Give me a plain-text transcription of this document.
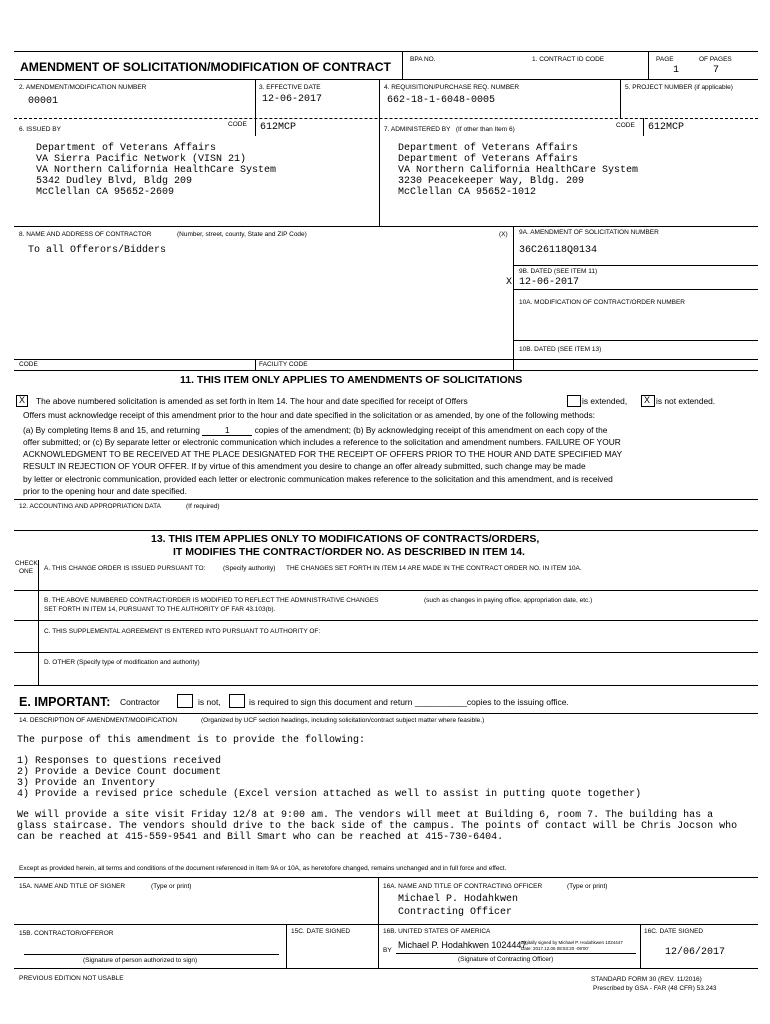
AMENDMENT OF SOLICITATION/MODIFICATION OF CONTRACT
BPA NO.	1. CONTRACT ID CODE	PAGE	OF PAGES
1	7
2. AMENDMENT/MODIFICATION NUMBER
00001
3. EFFECTIVE DATE
12-06-2017
4. REQUISITION/PURCHASE REQ. NUMBER
662-18-1-6048-0005
5. PROJECT NUMBER (if applicable)
6. ISSUED BY
CODE 612MCP
Department of Veterans Affairs
VA Sierra Pacific Network (VISN 21)
VA Northern California HealthCare System
5342 Dudley Blvd, Bldg 209
McClellan CA 95652-2609
7. ADMINISTERED BY (If other than Item 6)
CODE 612MCP
Department of Veterans Affairs
Department of Veterans Affairs
VA Northern California HealthCare System
3230 Peacekeeper Way, Bldg. 209
McClellan CA 95652-1012
8. NAME AND ADDRESS OF CONTRACTOR	(Number, street, county, State and ZIP Code)	(X)
To all Offerors/Bidders
9A. AMENDMENT OF SOLICITATION NUMBER
36C26118Q0134
9B. DATED (SEE ITEM 11)
X 12-06-2017
10A. MODIFICATION OF CONTRACT/ORDER NUMBER
10B. DATED (SEE ITEM 13)
CODE	FACILITY CODE
11. THIS ITEM ONLY APPLIES TO AMENDMENTS OF SOLICITATIONS
X The above numbered solicitation is amended as set forth in Item 14. The hour and date specified for receipt of Offers	is extended, X is not extended.
Offers must acknowledge receipt of this amendment prior to the hour and date specified in the solicitation or as amended, by one of the following methods:
(a) By completing Items 8 and 15, and returning	1	copies of the amendment; (b) By acknowledging receipt of this amendment on each copy of the
offer submitted; or (c) By separate letter or electronic communication which includes a reference to the solicitation and amendment numbers. FAILURE OF YOUR
ACKNOWLEDGMENT TO BE RECEIVED AT THE PLACE DESIGNATED FOR THE RECEIPT OF OFFERS PRIOR TO THE HOUR AND DATE SPECIFIED MAY
RESULT IN REJECTION OF YOUR OFFER. If by virtue of this amendment you desire to change an offer already submitted, such change may be made
by letter or electronic communication, provided each letter or electronic communication makes reference to the solicitation and this amendment, and is received
prior to the opening hour and date specified.
12. ACCOUNTING AND APPROPRIATION DATA	(If required)
13. THIS ITEM APPLIES ONLY TO MODIFICATIONS OF CONTRACTS/ORDERS,
IT MODIFIES THE CONTRACT/ORDER NO. AS DESCRIBED IN ITEM 14.
CHECK
ONE A. THIS CHANGE ORDER IS ISSUED PURSUANT TO:	(Specify authority) THE CHANGES SET FORTH IN ITEM 14 ARE MADE IN THE CONTRACT ORDER NO. IN ITEM 10A.
B. THE ABOVE NUMBERED CONTRACT/ORDER IS MODIFIED TO REFLECT THE ADMINISTRATIVE CHANGES	(such as changes in paying office, appropriation date, etc.)
SET FORTH IN ITEM 14, PURSUANT TO THE AUTHORITY OF FAR 43.103(b).
C. THIS SUPPLEMENTAL AGREEMENT IS ENTERED INTO PURSUANT TO AUTHORITY OF:
D. OTHER (Specify type of modification and authority)
E. IMPORTANT: Contractor	is not,	is required to sign this document and return ___________copies to the issuing office.
14. DESCRIPTION OF AMENDMENT/MODIFICATION	(Organized by UCF section headings, including solicitation/contract subject matter where feasible.)
The purpose of this amendment is to provide the following:
1) Responses to questions received
2) Provide a Device Count document
3) Provide an Inventory
4) Provide a revised price schedule (Excel version attached as well to assist in putting quote together)
We will provide a site visit Friday 12/8 at 9:00 am. The vendors will meet at Building 6, room 7. The building has a
glass staircase. The vendors should drive to the back side of the campus. The points of contact will be Chris Jocson who
can be reached at 415-559-9541 and Bill Smart who can be reached at 415-730-6404.
Except as provided herein, all terms and conditions of the document referenced in Item 9A or 10A, as heretofore changed, remains unchanged and in full force and effect.
15A. NAME AND TITLE OF SIGNER	(Type or print)	16A. NAME AND TITLE OF CONTRACTING OFFICER	(Type or print)
Michael P. Hodahkwen
Contracting Officer
15B. CONTRACTOR/OFFEROR
(Signature of person authorized to sign)
15C. DATE SIGNED	16B. UNITED STATES OF AMERICA
BY
Michael P. Hodahkwen 1024447
Digitally signed by Michael P. Hodahkwen 1024447
Date: 2017.12.06 08:53:20 -08'00'
(Signature of Contracting Officer)
16C. DATE SIGNED
12/06/2017
PREVIOUS EDITION NOT USABLE	STANDARD FORM 30 (REV. 11/2016)
Prescribed by GSA - FAR (48 CFR) 53.243
